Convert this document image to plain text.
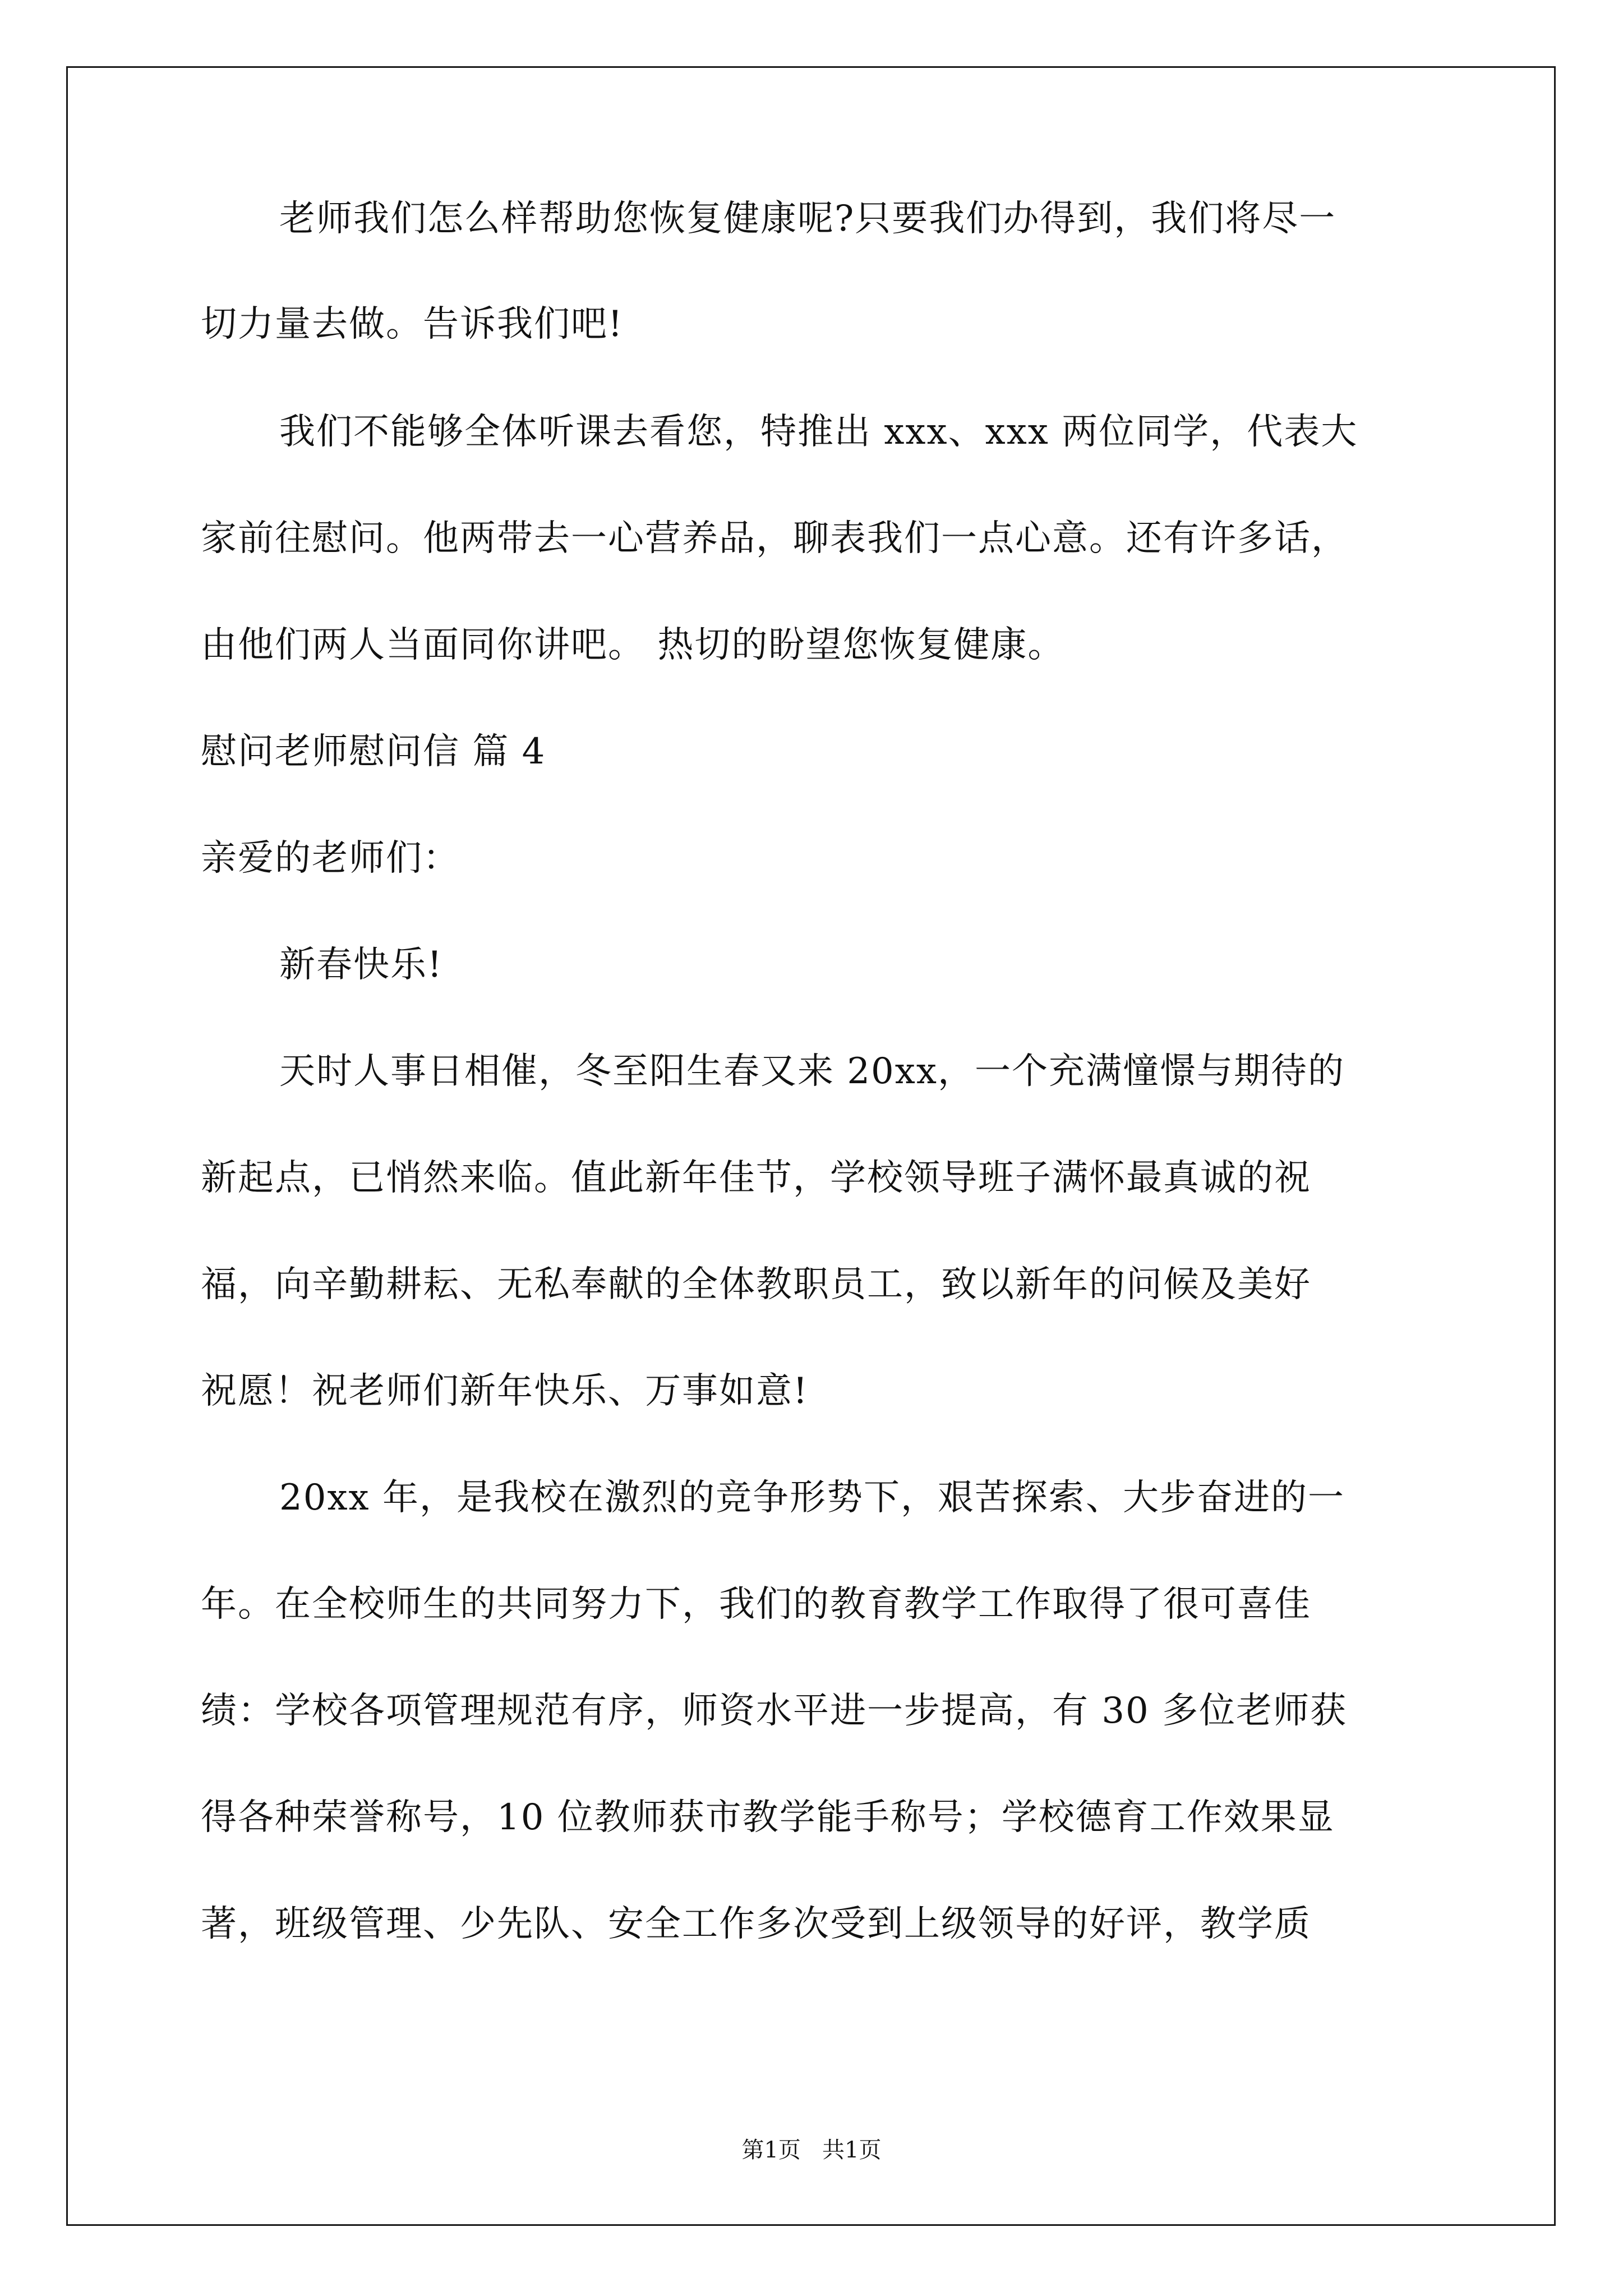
老师我们怎么样帮助您恢复健康呢?只要我们办得到，我们将尽一
切力量去做。告诉我们吧!
我们不能够全体听课去看您，特推出 xxx、xxx 两位同学，代表大
家前往慰问。他两带去一心营养品，聊表我们一点心意。还有许多话，
由他们两人当面同你讲吧。 热切的盼望您恢复健康。
慰问老师慰问信 篇 4
亲爱的老师们：
新春快乐!
天时人事日相催，冬至阳生春又来 20xx，一个充满憧憬与期待的
新起点，已悄然来临。值此新年佳节，学校领导班子满怀最真诚的祝
福，向辛勤耕耘、无私奉献的全体教职员工，致以新年的问候及美好
祝愿！祝老师们新年快乐、万事如意!
20xx 年，是我校在激烈的竞争形势下，艰苦探索、大步奋进的一
年。在全校师生的共同努力下，我们的教育教学工作取得了很可喜佳
绩：学校各项管理规范有序，师资水平进一步提高，有 30 多位老师获
得各种荣誉称号，10 位教师获市教学能手称号；学校德育工作效果显
著，班级管理、少先队、安全工作多次受到上级领导的好评，教学质
第1页   共1页
